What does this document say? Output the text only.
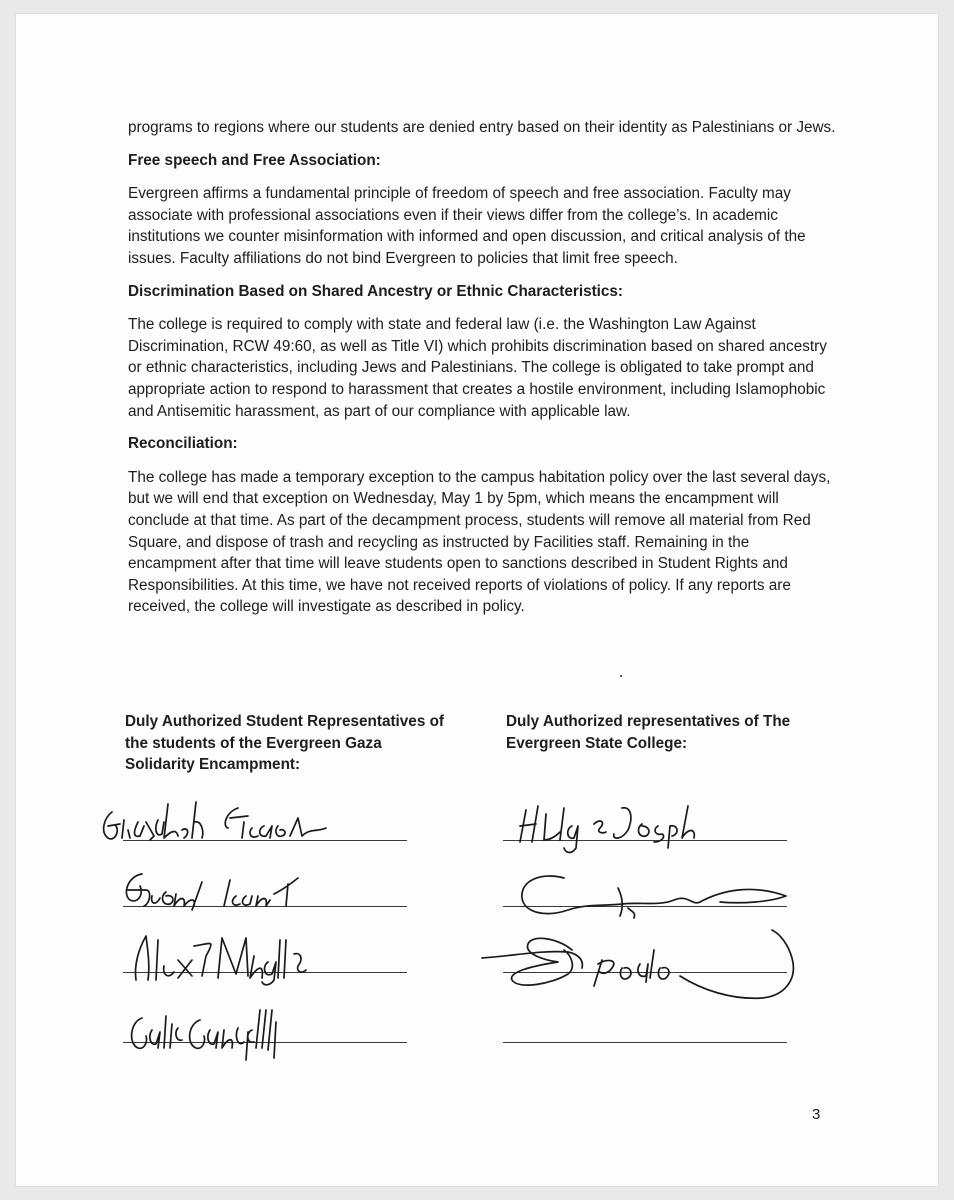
programs to regions where our students are denied entry based on their identity as Palestinians or Jews.

Free speech and Free Association:

Evergreen affirms a fundamental principle of freedom of speech and free association. Faculty may associate with professional associations even if their views differ from the college’s. In academic institutions we counter misinformation with informed and open discussion, and critical analysis of the issues. Faculty affiliations do not bind Evergreen to policies that limit free speech.

Discrimination Based on Shared Ancestry or Ethnic Characteristics:

The college is required to comply with state and federal law (i.e. the Washington Law Against Discrimination, RCW 49:60, as well as Title VI) which prohibits discrimination based on shared ancestry or ethnic characteristics, including Jews and Palestinians. The college is obligated to take prompt and appropriate action to respond to harassment that creates a hostile environment, including Islamophobic and Antisemitic harassment, as part of our compliance with applicable law.

Reconciliation:

The college has made a temporary exception to the campus habitation policy over the last several days, but we will end that exception on Wednesday, May 1 by 5pm, which means the encampment will conclude at that time. As part of the decampment process, students will remove all material from Red Square, and dispose of trash and recycling as instructed by Facilities staff. Remaining in the encampment after that time will leave students open to sanctions described in Student Rights and Responsibilities. At this time, we have not received reports of violations of policy. If any reports are received, the college will investigate as described in policy.

Duly Authorized Student Representatives of the students of the Evergreen Gaza Solidarity Encampment:
Duly Authorized representatives of The Evergreen State College:
3
